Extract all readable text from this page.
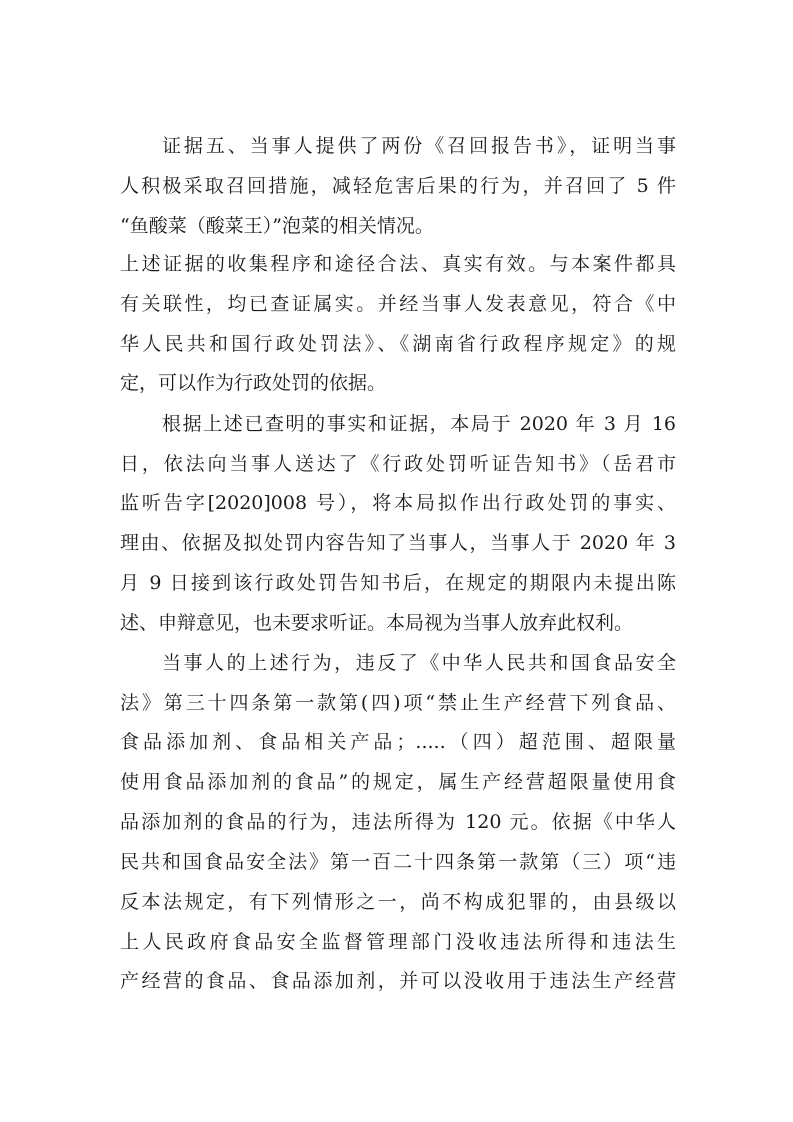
证据五、当事人提供了两份《召回报告书》，证明当事
人积极采取召回措施，减轻危害后果的行为，并召回了 5 件
“鱼酸菜（酸菜王）”泡菜的相关情况。
上述证据的收集程序和途径合法、真实有效。与本案件都具
有关联性，均已查证属实。并经当事人发表意见，符合《中
华人民共和国行政处罚法》、《湖南省行政程序规定》的规
定，可以作为行政处罚的依据。
根据上述已查明的事实和证据，本局于 2020 年 3 月 16
日，依法向当事人送达了《行政处罚听证告知书》（岳君市
监听告字[2020]008 号），将本局拟作出行政处罚的事实、
理由、依据及拟处罚内容告知了当事人，当事人于 2020 年 3
月 9 日接到该行政处罚告知书后，在规定的期限内未提出陈
述、申辩意见，也未要求听证。本局视为当事人放弃此权利。
当事人的上述行为，违反了《中华人民共和国食品安全
法》第三十四条第一款第(四)项“禁止生产经营下列食品、
食品添加剂、食品相关产品；.....（四）超范围、超限量
使用食品添加剂的食品”的规定，属生产经营超限量使用食
品添加剂的食品的行为，违法所得为 120 元。依据《中华人
民共和国食品安全法》第一百二十四条第一款第（三）项“违
反本法规定，有下列情形之一，尚不构成犯罪的，由县级以
上人民政府食品安全监督管理部门没收违法所得和违法生
产经营的食品、食品添加剂，并可以没收用于违法生产经营
